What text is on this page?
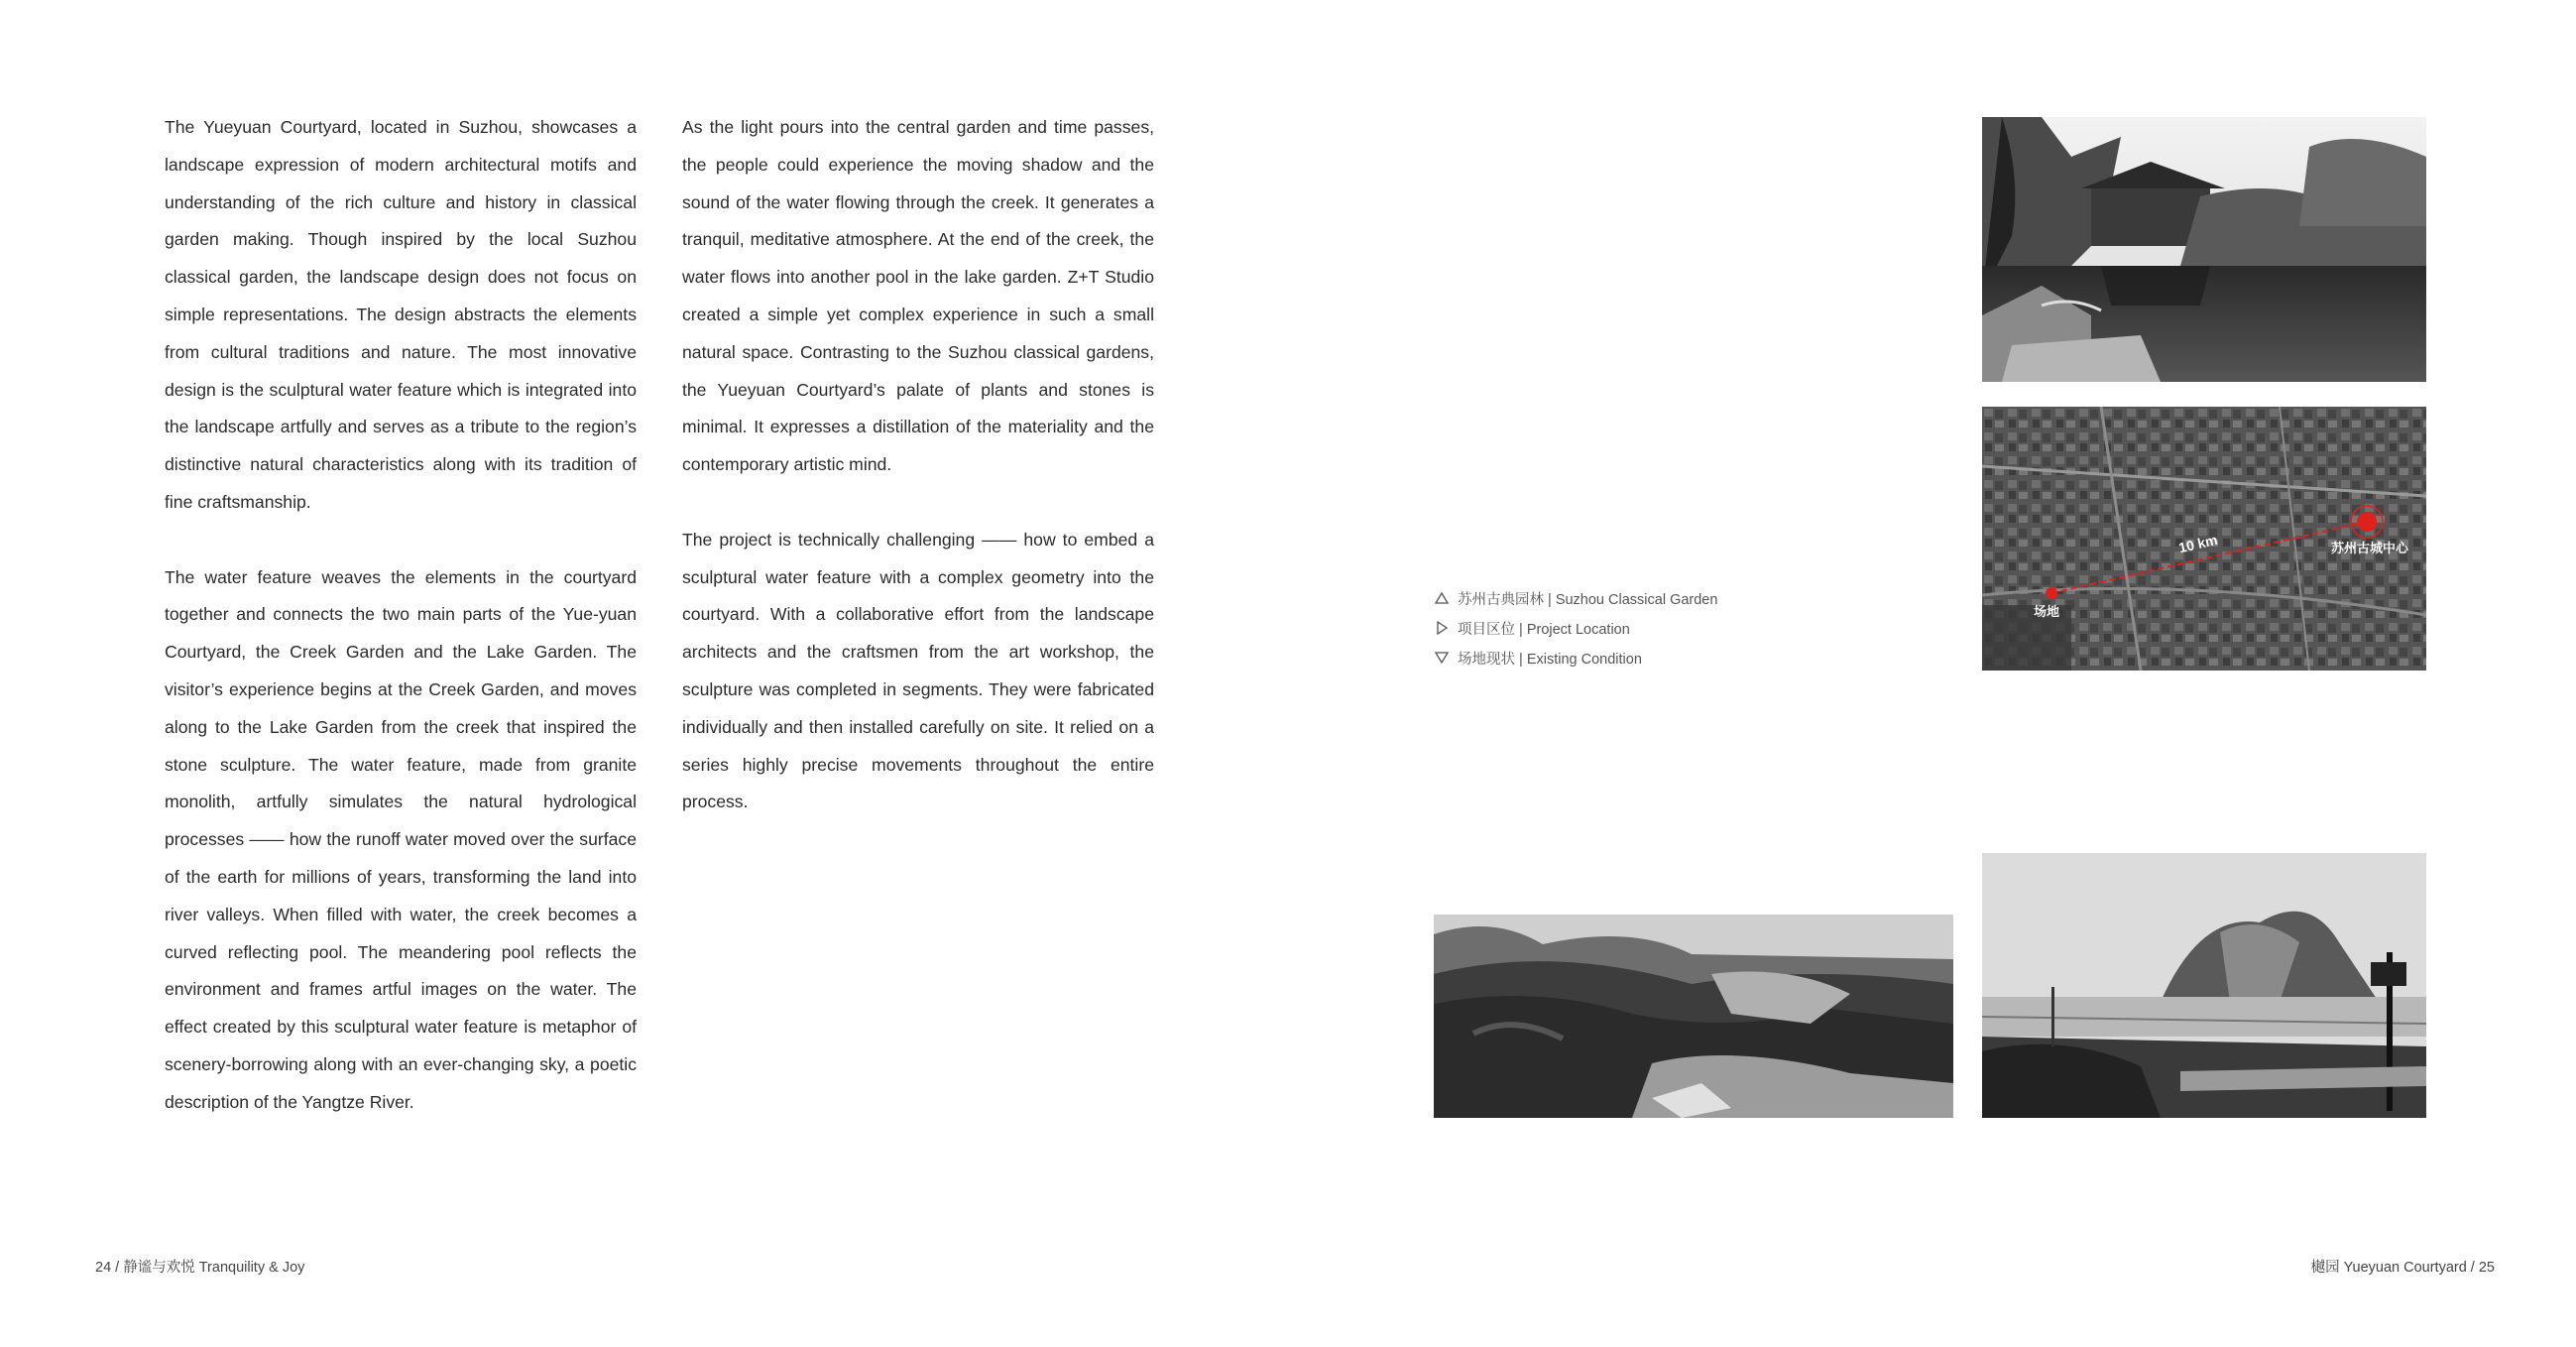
The Yueyuan Courtyard, located in Suzhou, showcases a landscape expression of modern architectural motifs and understanding of the rich culture and history in classical garden making. Though inspired by the local Suzhou classical garden, the landscape design does not focus on simple representations. The design abstracts the elements from cultural traditions and nature. The most innovative design is the sculptural water feature which is integrated into the landscape artfully and serves as a tribute to the region’s distinctive natural characteristics along with its tradition of fine craftsmanship.

The water feature weaves the elements in the courtyard together and connects the two main parts of the Yue-yuan Courtyard, the Creek Garden and the Lake Garden. The visitor’s experience begins at the Creek Garden, and moves along to the Lake Garden from the creek that inspired the stone sculpture. The water feature, made from granite monolith, artfully simulates the natural hydrological processes —— how the runoff water moved over the surface of the earth for millions of years, transforming the land into river valleys. When filled with water, the creek becomes a curved reflecting pool. The meandering pool reflects the environment and frames artful images on the water. The effect created by this sculptural water feature is metaphor of scenery-borrowing along with an ever-changing sky, a poetic description of the Yangtze River.

As the light pours into the central garden and time passes, the people could experience the moving shadow and the sound of the water flowing through the creek. It generates a tranquil, meditative atmosphere. At the end of the creek, the water flows into another pool in the lake garden. Z+T Studio created a simple yet complex experience in such a small natural space. Contrasting to the Suzhou classical gardens, the Yueyuan Courtyard’s palate of plants and stones is minimal. It expresses a distillation of the materiality and the contemporary artistic mind.

The project is technically challenging —— how to embed a sculptural water feature with a complex geometry into the courtyard. With a collaborative effort from the landscape architects and the craftsmen from the art workshop, the sculpture was completed in segments. They were fabricated individually and then installed carefully on site. It relied on a series highly precise movements throughout the entire process.

10 km	苏州古城中心
场地
苏州古典园林 | Suzhou Classical Garden
项目区位 | Project Location
场地现状 | Existing Condition
24 / 静谧与欢悦 Tranquility & Joy	樾园 Yueyuan Courtyard / 25
